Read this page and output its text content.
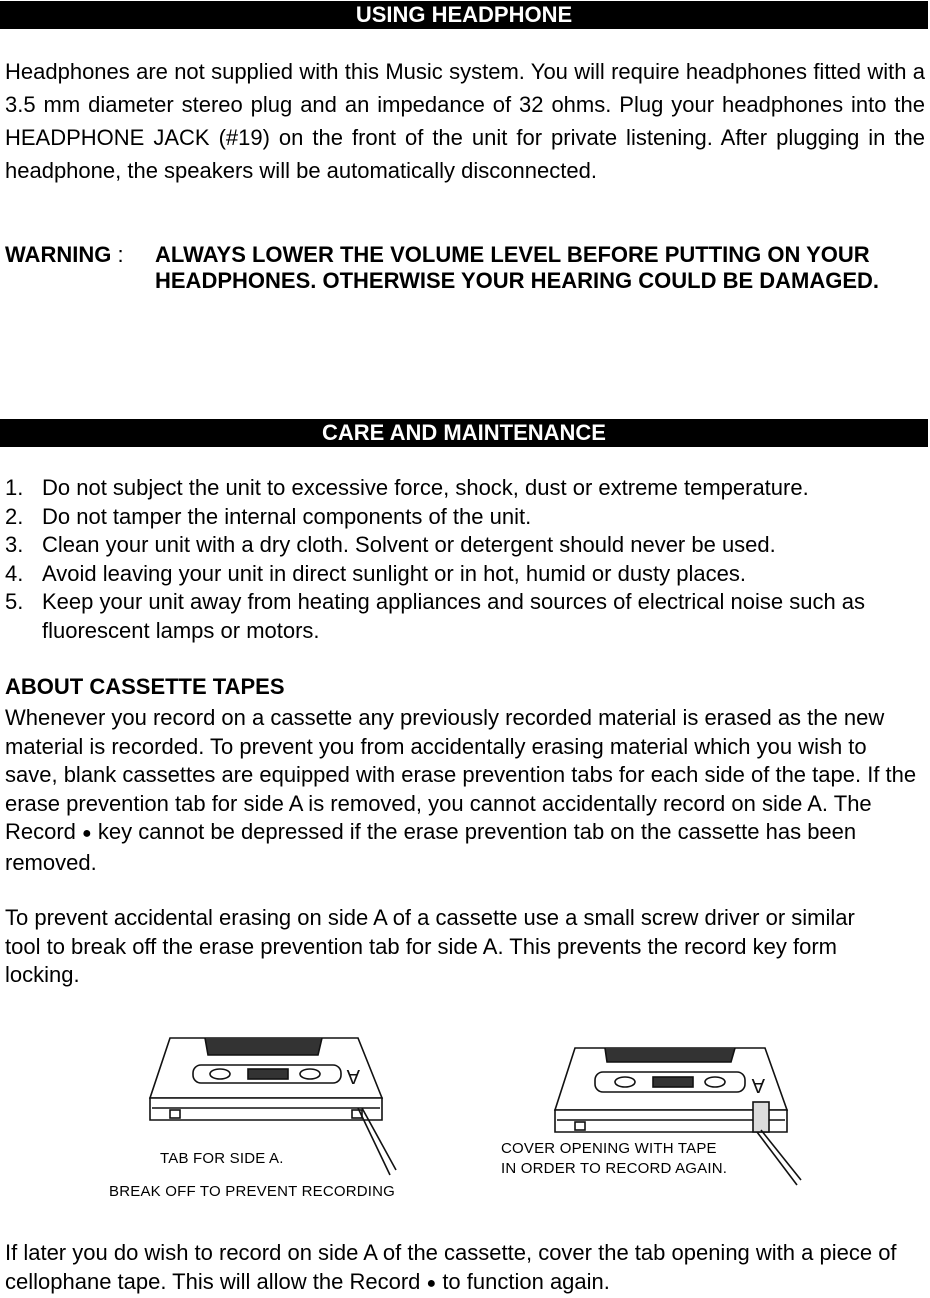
USING HEADPHONE

Headphones are not supplied with this Music system. You will require headphones fitted with a 3.5 mm diameter stereo plug and an impedance of 32 ohms. Plug your headphones into the HEADPHONE JACK (#19) on the front of the unit for private listening. After plugging in the headphone, the speakers will be automatically disconnected.

WARNING : ALWAYS LOWER THE VOLUME LEVEL BEFORE PUTTING ON YOUR HEADPHONES. OTHERWISE YOUR HEARING COULD BE DAMAGED.
CARE AND MAINTENANCE
1. Do not subject the unit to excessive force, shock, dust or extreme temperature.
2. Do not tamper the internal components of the unit.
3. Clean your unit with a dry cloth. Solvent or detergent should never be used.
4. Avoid leaving your unit in direct sunlight or in hot, humid or dusty places.
5. Keep your unit away from heating appliances and sources of electrical noise such as fluorescent lamps or motors.
ABOUT CASSETTE TAPES

Whenever you record on a cassette any previously recorded material is erased as the new material is recorded. To prevent you from accidentally erasing material which you wish to save, blank cassettes are equipped with erase prevention tabs for each side of the tape. If the erase prevention tab for side A is removed, you cannot accidentally record on side A. The Record ● key cannot be depressed if the erase prevention tab on the cassette has been removed.

To prevent accidental erasing on side A of a cassette use a small screw driver or similar tool to break off the erase prevention tab for side A. This prevents the record key form locking.

A
TAB FOR SIDE A.
BREAK OFF TO PREVENT RECORDING
A
COVER OPENING WITH TAPE
IN ORDER TO RECORD AGAIN.

If later you do wish to record on side A of the cassette, cover the tab opening with a piece of cellophane tape. This will allow the Record ● to function again.
